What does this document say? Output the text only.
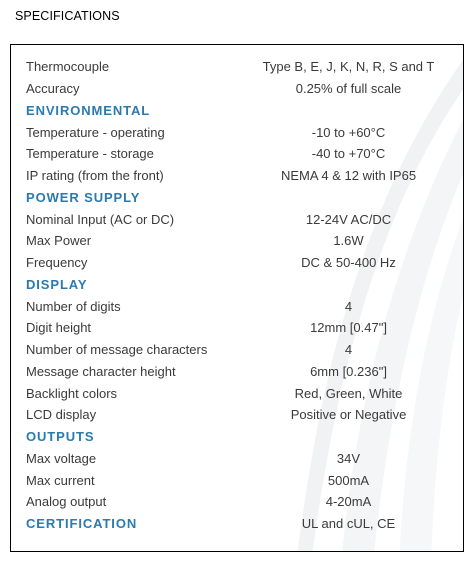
SPECIFICATIONS
Thermocouple	Type B, E, J, K, N, R, S and T
Accuracy	0.25% of full scale
ENVIRONMENTAL
Temperature - operating	-10 to +60°C
Temperature - storage	-40 to +70°C
IP rating (from the front)	NEMA 4 & 12 with IP65
POWER SUPPLY
Nominal Input (AC or DC)	12-24V AC/DC
Max Power	1.6W
Frequency	DC & 50-400 Hz
DISPLAY
Number of digits	4
Digit height	12mm [0.47"]
Number of message characters	4
Message character height	6mm [0.236"]
Backlight colors	Red, Green, White
LCD display	Positive or Negative
OUTPUTS
Max voltage	34V
Max current	500mA
Analog output	4-20mA
CERTIFICATION	UL and cUL, CE
